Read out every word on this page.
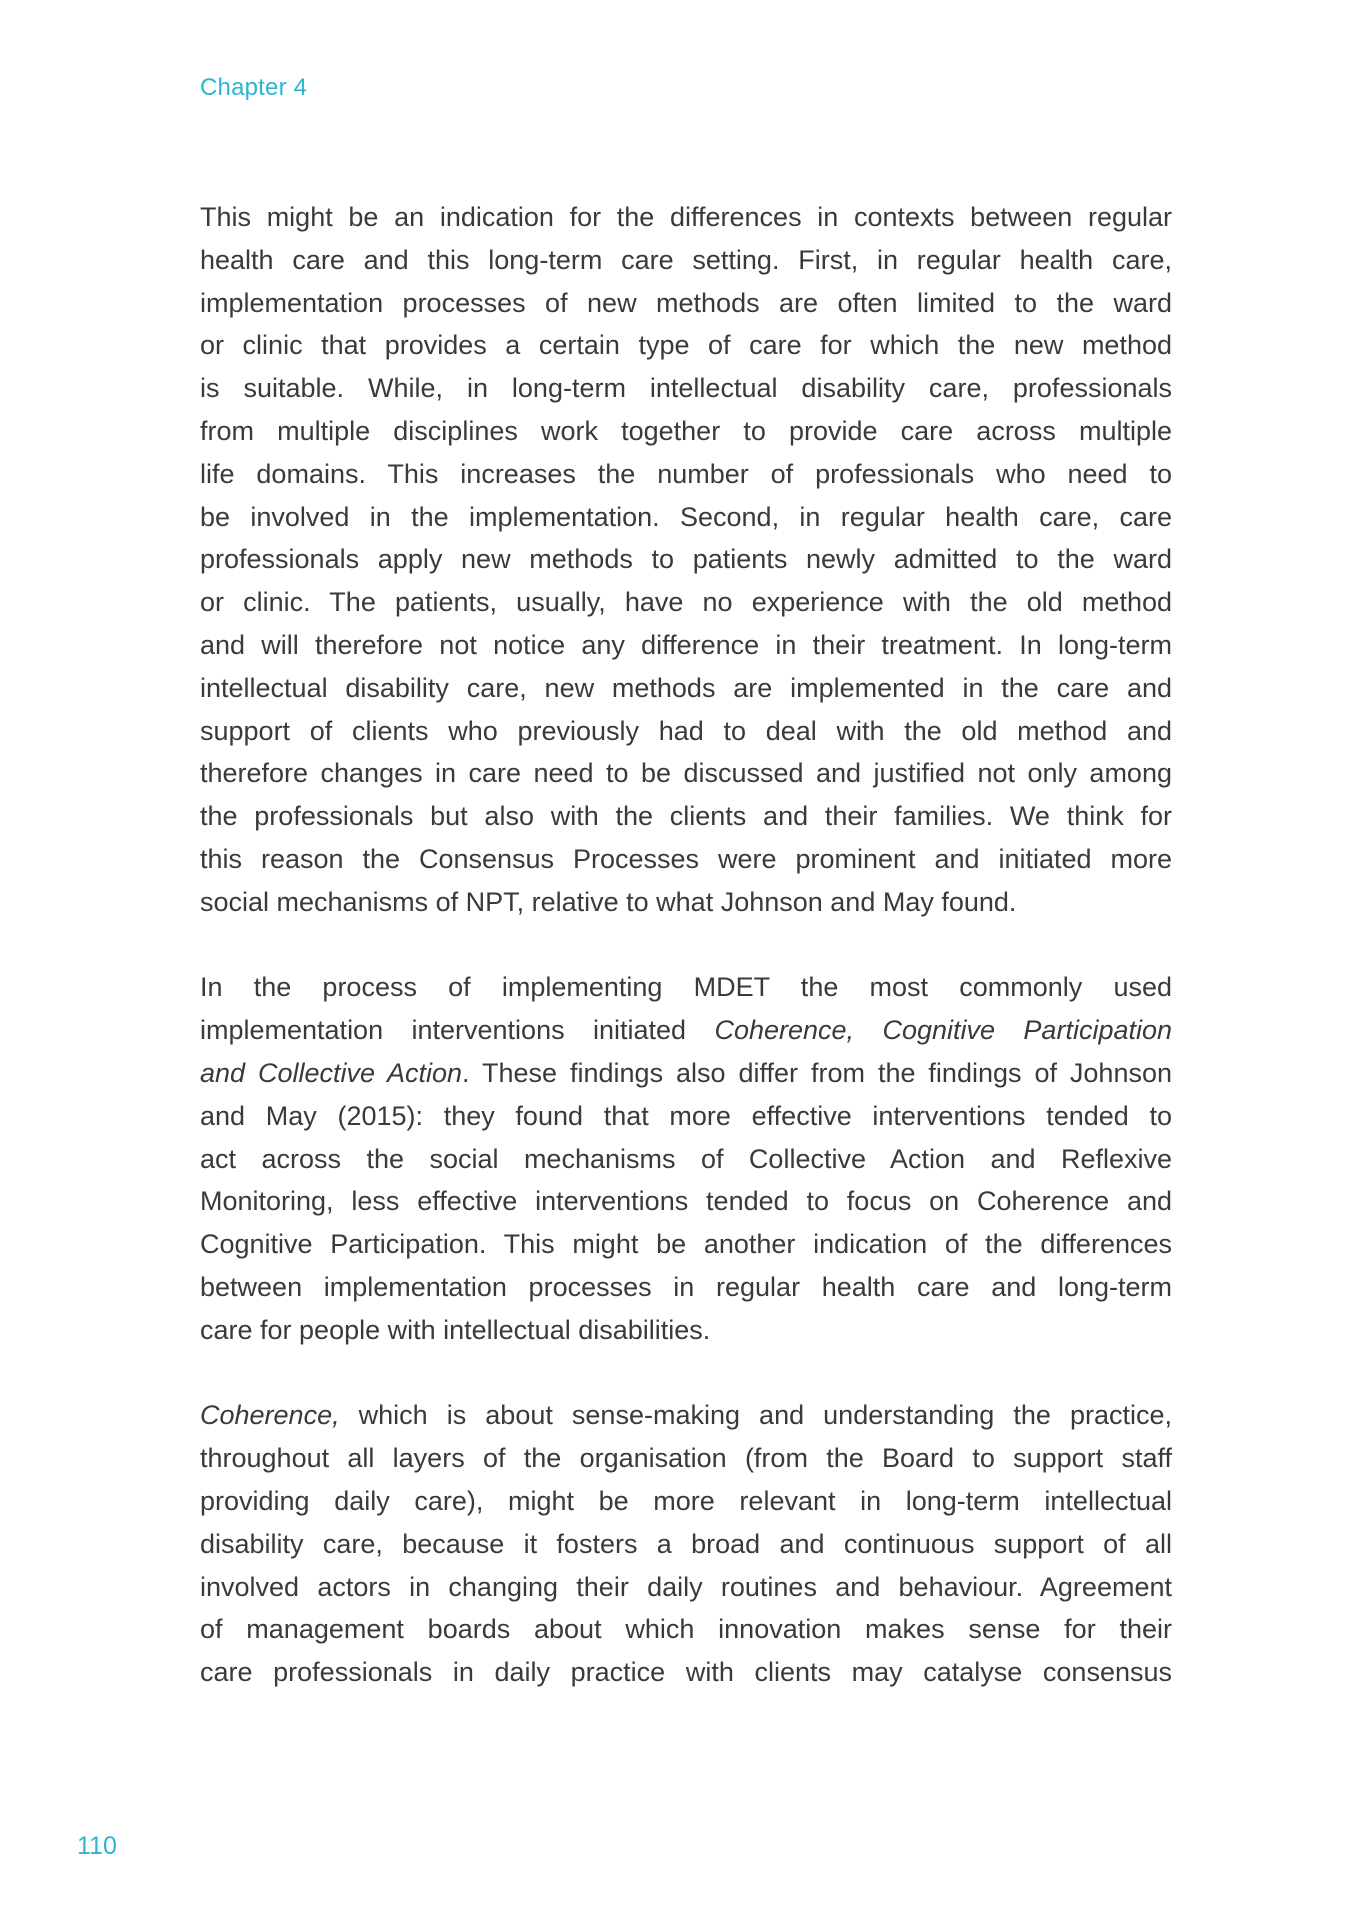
Chapter 4
This might be an indication for the differences in contexts between regular
health care and this long-term care setting. First, in regular health care,
implementation processes of new methods are often limited to the ward
or clinic that provides a certain type of care for which the new method
is suitable. While, in long-term intellectual disability care, professionals
from multiple disciplines work together to provide care across multiple
life domains. This increases the number of professionals who need to
be involved in the implementation. Second, in regular health care, care
professionals apply new methods to patients newly admitted to the ward
or clinic. The patients, usually, have no experience with the old method
and will therefore not notice any difference in their treatment. In long-term
intellectual disability care, new methods are implemented in the care and
support of clients who previously had to deal with the old method and
therefore changes in care need to be discussed and justified not only among
the professionals but also with the clients and their families. We think for
this reason the Consensus Processes were prominent and initiated more
social mechanisms of NPT, relative to what Johnson and May found.
In the process of implementing MDET the most commonly used
implementation interventions initiated Coherence, Cognitive Participation
and Collective Action. These findings also differ from the findings of Johnson
and May (2015): they found that more effective interventions tended to
act across the social mechanisms of Collective Action and Reflexive
Monitoring, less effective interventions tended to focus on Coherence and
Cognitive Participation. This might be another indication of the differences
between implementation processes in regular health care and long-term
care for people with intellectual disabilities.
Coherence, which is about sense-making and understanding the practice,
throughout all layers of the organisation (from the Board to support staff
providing daily care), might be more relevant in long-term intellectual
disability care, because it fosters a broad and continuous support of all
involved actors in changing their daily routines and behaviour. Agreement
of management boards about which innovation makes sense for their
care professionals in daily practice with clients may catalyse consensus
110
